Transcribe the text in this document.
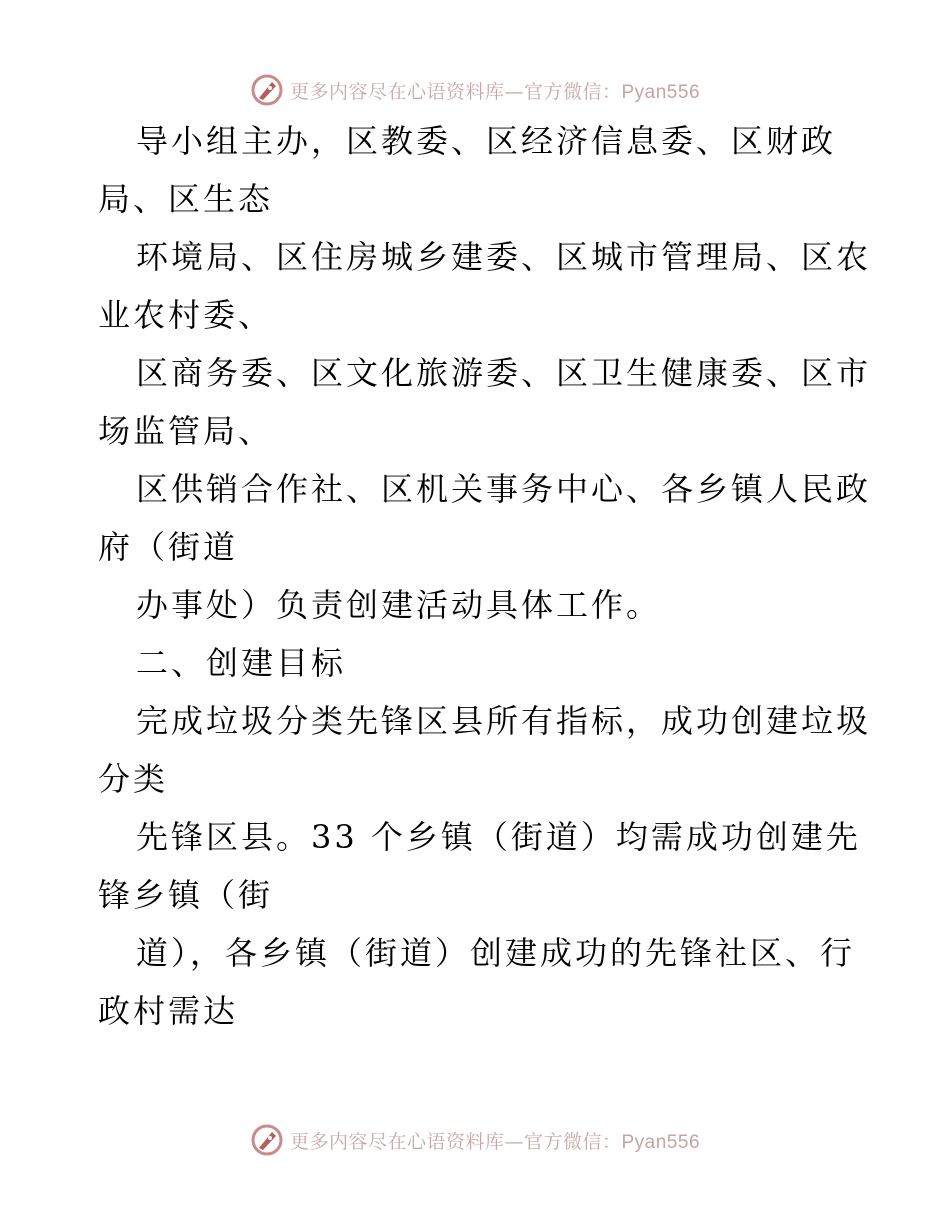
更多内容尽在心语资料库—官方微信：Pyan556
导小组主办，区教委、区经济信息委、区财政
局、区生态
环境局、区住房城乡建委、区城市管理局、区农
业农村委、
区商务委、区文化旅游委、区卫生健康委、区市
场监管局、
区供销合作社、区机关事务中心、各乡镇人民政
府（街道
办事处）负责创建活动具体工作。
二、创建目标
完成垃圾分类先锋区县所有指标，成功创建垃圾
分类
先锋区县。33 个乡镇（街道）均需成功创建先
锋乡镇（街
道），各乡镇（街道）创建成功的先锋社区、行
政村需达
更多内容尽在心语资料库—官方微信：Pyan556
